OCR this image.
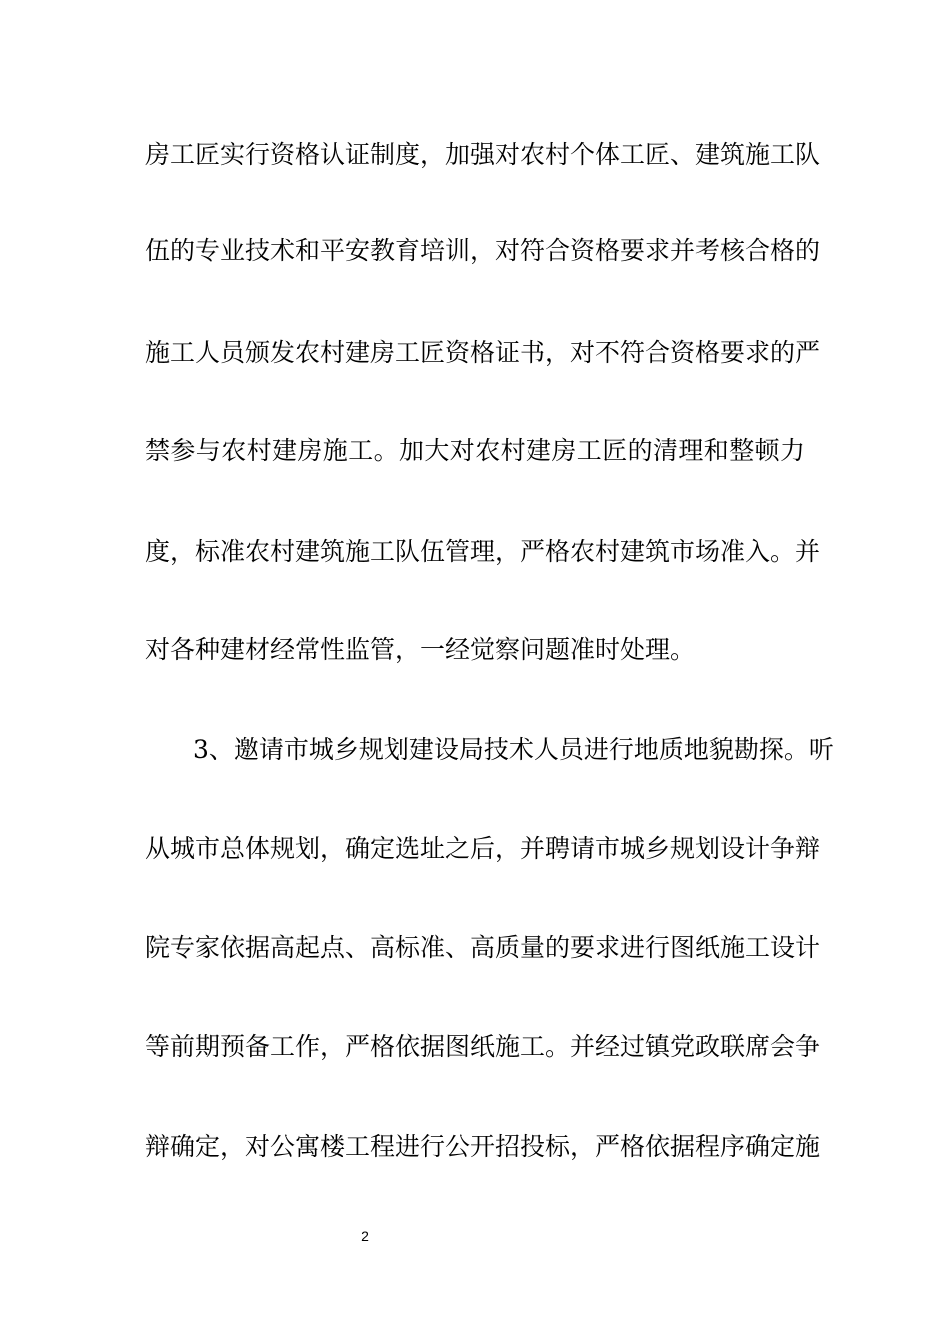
房工匠实行资格认证制度，加强对农村个体工匠、建筑施工队
伍的专业技术和平安教育培训，对符合资格要求并考核合格的
施工人员颁发农村建房工匠资格证书，对不符合资格要求的严
禁参与农村建房施工。加大对农村建房工匠的清理和整顿力
度，标准农村建筑施工队伍管理，严格农村建筑市场准入。并
对各种建材经常性监管，一经觉察问题准时处理。
3、邀请市城乡规划建设局技术人员进行地质地貌勘探。听
从城市总体规划，确定选址之后，并聘请市城乡规划设计争辩
院专家依据高起点、高标准、高质量的要求进行图纸施工设计
等前期预备工作，严格依据图纸施工。并经过镇党政联席会争
辩确定，对公寓楼工程进行公开招投标，严格依据程序确定施
2
